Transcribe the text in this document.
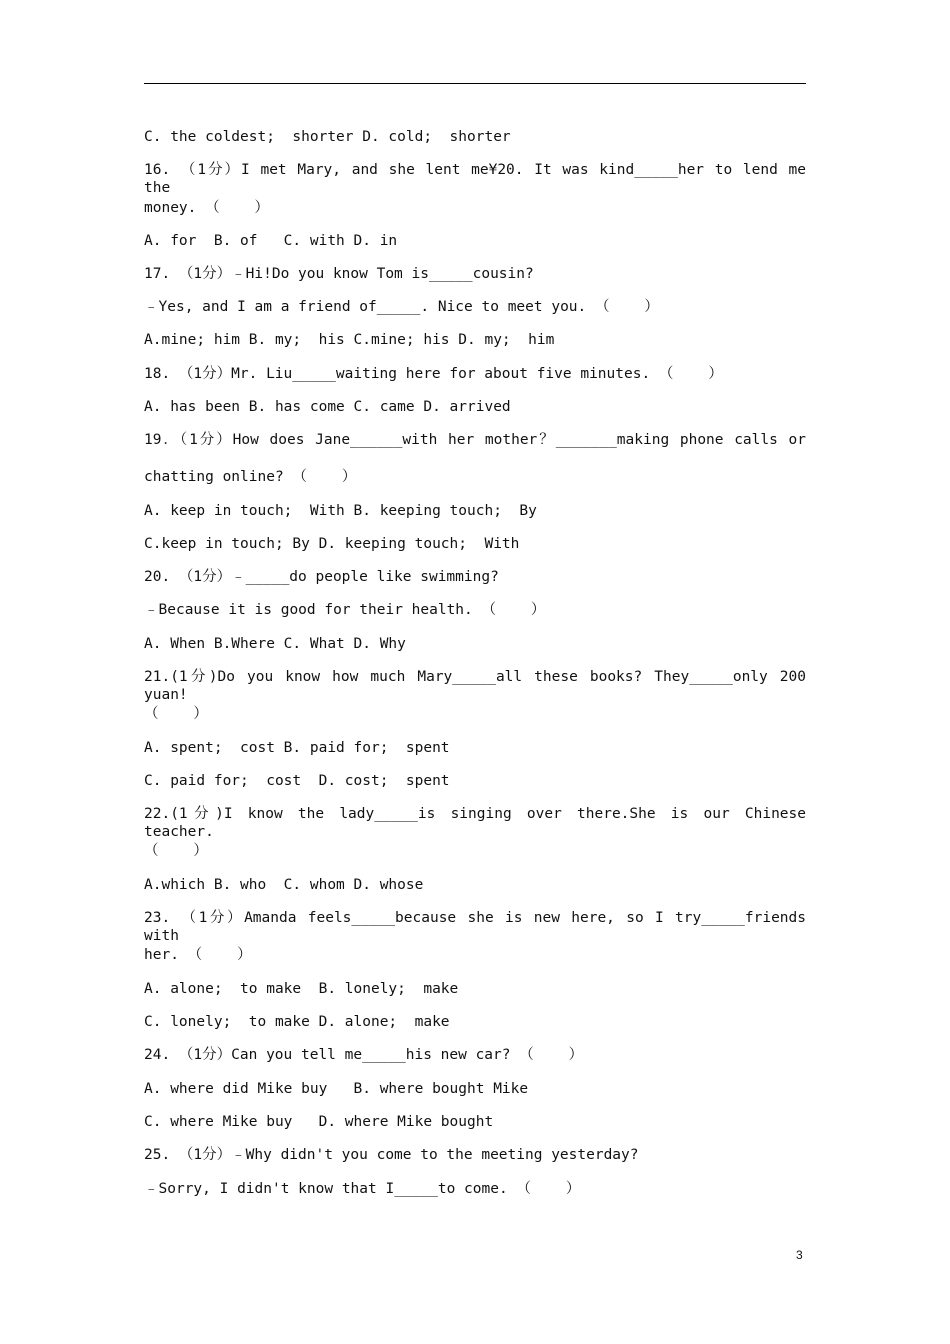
C. the coldest;  shorter D. cold;  shorter
16. （1分）I met Mary, and she lent me¥20. It was kind_____her to lend me the
money. （    ）
A. for  B. of   C. with D. in
17. （1分）﹣Hi!Do you know Tom is_____cousin?
﹣Yes, and I am a friend of_____. Nice to meet you. （    ）
A.mine; him B. my;  his C.mine; his D. my;  him
18. （1分）Mr. Liu_____waiting here for about five minutes. （    ）
A. has been B. has come C. came D. arrived
19．（1分）How does Jane______with her mother？_______making phone calls or
chatting online? （    ）
A. keep in touch;  With B. keeping touch;  By
C.keep in touch; By D. keeping touch;  With
20. （1分）﹣_____do people like swimming?
﹣Because it is good for their health. （    ）
A. When B.Where C. What D. Why
21.(1分)Do you know how much Mary_____all these books? They_____only 200 yuan!
（    ）
A. spent;  cost B. paid for;  spent
C. paid for;  cost  D. cost;  spent
22.(1分)I know the lady_____is singing over there.She is our Chinese teacher.
（    ）
A.which B. who  C. whom D. whose
23. （1分）Amanda feels_____because she is new here, so I try_____friends with
her. （    ）
A. alone;  to make  B. lonely;  make
C. lonely;  to make D. alone;  make
24. （1分）Can you tell me_____his new car? （    ）
A. where did Mike buy   B. where bought Mike
C. where Mike buy   D. where Mike bought
25. （1分）﹣Why didn't you come to the meeting yesterday?
﹣Sorry, I didn't know that I_____to come. （    ）
3
